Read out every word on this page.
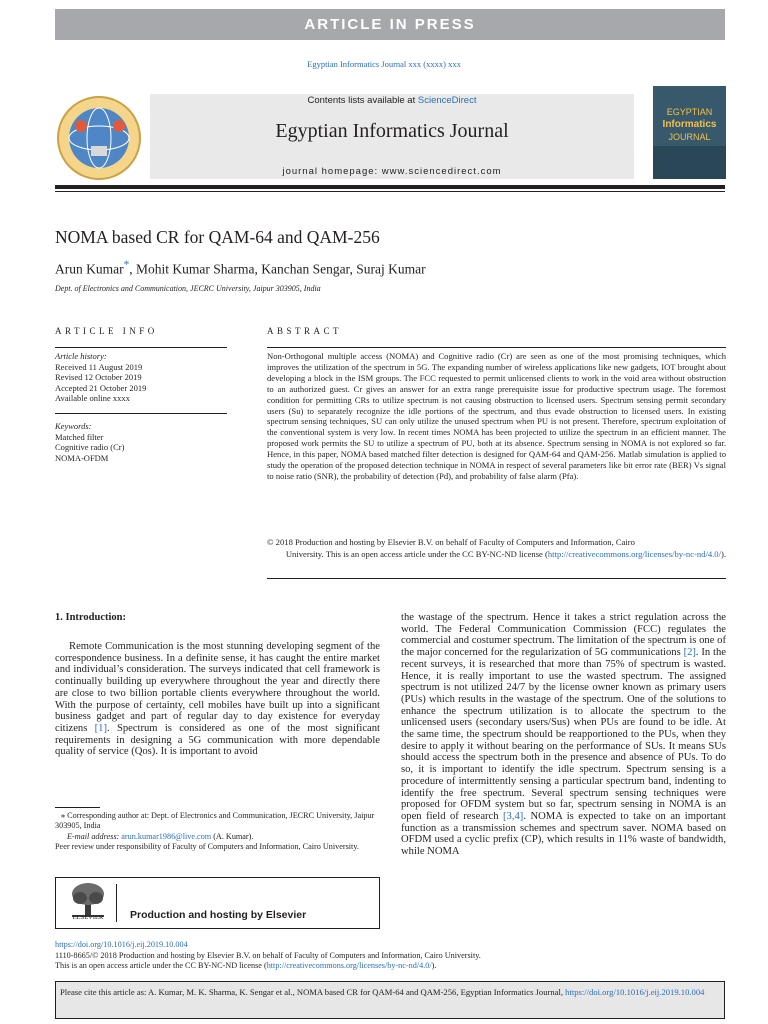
ARTICLE IN PRESS
Egyptian Informatics Journal xxx (xxxx) xxx
Contents lists available at ScienceDirect
Egyptian Informatics Journal
journal homepage: www.sciencedirect.com
EGYPTIAN
Informatics
JOURNAL
NOMA based CR for QAM-64 and QAM-256
Arun Kumar*, Mohit Kumar Sharma, Kanchan Sengar, Suraj Kumar
Dept. of Electronics and Communication, JECRC University, Jaipur 303905, India
ARTICLE INFO	ABSTRACT
Article history:
Received 11 August 2019
Revised 12 October 2019
Accepted 21 October 2019
Available online xxxx
Keywords:
Matched filter
Cognitive radio (Cr)
NOMA-OFDM
Non-Orthogonal multiple access (NOMA) and Cognitive radio (Cr) are seen as one of the most promising techniques, which improves the utilization of the spectrum in 5G. The expanding number of wireless applications like new gadgets, IOT brought about developing a block in the ISM groups. The FCC requested to permit unlicensed clients to work in the void area without obstruction to an authorized guest. Cr gives an answer for an extra range prerequisite issue for productive spectrum usage. The foremost condition for permitting CRs to utilize spectrum is not causing obstruction to licensed users. Spectrum sensing permit secondary users (Su) to separately recognize the idle portions of the spectrum, and thus evade obstruction to licensed users. In existing spectrum sensing techniques, SU can only utilize the unused spectrum when PU is not present. Therefore, spectrum exploitation of the conventional system is very low. In recent times NOMA has been projected to utilize the spectrum in an efficient manner. The proposed work permits the SU to utilize a spectrum of PU, both at its absence. Spectrum sensing in NOMA is not explored so far. Hence, in this paper, NOMA based matched filter detection is designed for QAM-64 and QAM-256. Matlab simulation is applied to study the operation of the proposed detection technique in NOMA in respect of several parameters like bit error rate (BER) Vs signal to noise ratio (SNR), the probability of detection (Pd), and probability of false alarm (Pfa).
© 2018 Production and hosting by Elsevier B.V. on behalf of Faculty of Computers and Information, Cairo
University. This is an open access article under the CC BY-NC-ND license (http://creativecommons.org/licenses/by-nc-nd/4.0/).
1. Introduction:
Remote Communication is the most stunning developing segment of the correspondence business. In a definite sense, it has caught the entire market and individual’s consideration. The surveys indicated that cell framework is continually building up everywhere throughout the year and directly there are close to two billion portable clients everywhere throughout the world. With the purpose of certainty, cell mobiles have built up into a significant business gadget and part of regular day to day existence for everyday citizens [1]. Spectrum is considered as one of the most significant requirements in designing a 5G communication with more dependable quality of service (Qos). It is important to avoid
the wastage of the spectrum. Hence it takes a strict regulation across the world. The Federal Communication Commission (FCC) regulates the commercial and costumer spectrum. The limitation of the spectrum is one of the major concerned for the regularization of 5G communications [2]. In the recent surveys, it is researched that more than 75% of spectrum is wasted. Hence, it is really important to use the wasted spectrum. The assigned spectrum is not utilized 24/7 by the license owner known as primary users (PUs) which results in the wastage of the spectrum. One of the solutions to enhance the spectrum utilization is to allocate the spectrum to the unlicensed users (secondary users/Sus) when PUs are found to be idle. At the same time, the spectrum should be reapportioned to the PUs, when they desire to apply it without bearing on the performance of SUs. It means SUs should access the spectrum both in the presence and absence of PUs. To do so, it is important to identify the idle spectrum. Spectrum sensing is a procedure of intermittently sensing a particular spectrum band, indenting to identify the free spectrum. Several spectrum sensing techniques were proposed for OFDM system but so far, spectrum sensing in NOMA is an open field of research [3,4]. NOMA is expected to take on an important function as a transmission schemes and spectrum saver. NOMA based on OFDM used a cyclic prefix (CP), which results in 11% waste of bandwidth, while NOMA
⁎ Corresponding author at: Dept. of Electronics and Communication, JECRC University, Jaipur 303905, India
E-mail address: arun.kumar1986@live.com (A. Kumar).
Peer review under responsibility of Faculty of Computers and Information, Cairo University.
ELSEVIER	Production and hosting by Elsevier
https://doi.org/10.1016/j.eij.2019.10.004
1110-8665/© 2018 Production and hosting by Elsevier B.V. on behalf of Faculty of Computers and Information, Cairo University.
This is an open access article under the CC BY-NC-ND license (http://creativecommons.org/licenses/by-nc-nd/4.0/).
Please cite this article as: A. Kumar, M. K. Sharma, K. Sengar et al., NOMA based CR for QAM-64 and QAM-256, Egyptian Informatics Journal, https://doi.org/10.1016/j.eij.2019.10.004
